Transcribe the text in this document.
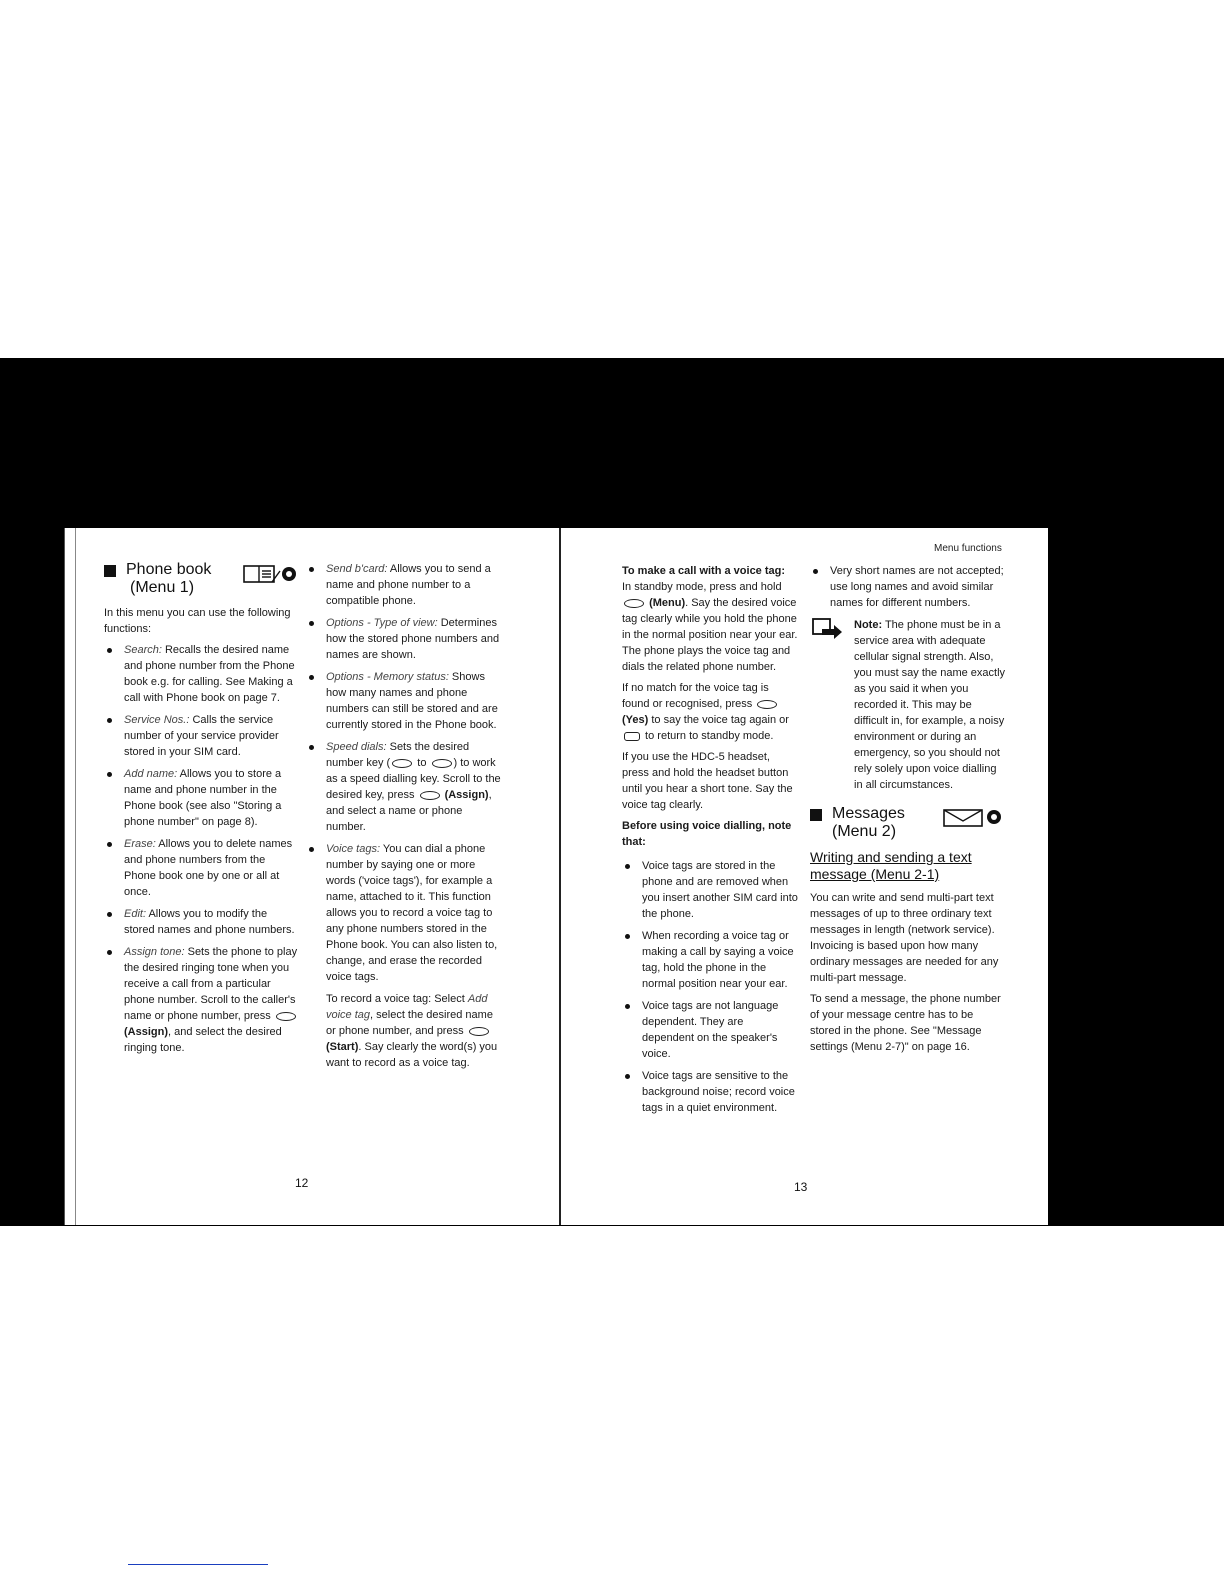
Phone book
(Menu 1)

In this menu you can use the following functions:

Search: Recalls the desired name and phone number from the Phone book e.g. for calling. See Making a call with Phone book on page 7.
Service Nos.: Calls the service number of your service provider stored in your SIM card.
Add name: Allows you to store a name and phone number in the Phone book (see also "Storing a phone number" on page 8).
Erase: Allows you to delete names and phone numbers from the Phone book one by one or all at once.
Edit: Allows you to modify the stored names and phone numbers.
Assign tone: Sets the phone to play the desired ringing tone when you receive a call from a particular phone number. Scroll to the caller's name or phone number, press  (Assign), and select the desired ringing tone.
Send b'card: Allows you to send a name and phone number to a compatible phone.
Options - Type of view: Determines how the stored phone numbers and names are shown.
Options - Memory status: Shows how many names and phone numbers can still be stored and are currently stored in the Phone book.
Speed dials: Sets the desired number key ( to ) to work as a speed dialling key. Scroll to the desired key, press  (Assign), and select a name or phone number.
Voice tags: You can dial a phone number by saying one or more words ('voice tags'), for example a name, attached to it. This function allows you to record a voice tag to any phone numbers stored in the Phone book. You can also listen to, change, and erase the recorded voice tags.
To record a voice tag: Select Add voice tag, select the desired name or phone number, and press  (Start). Say clearly the word(s) you want to record as a voice tag.
12
Menu functions

To make a call with a voice tag:

In standby mode, press and hold  (Menu). Say the desired voice tag clearly while you hold the phone in the normal position near your ear. The phone plays the voice tag and dials the related phone number.

If no match for the voice tag is found or recognised, press  (Yes) to say the voice tag again or  to return to standby mode.

If you use the HDC-5 headset, press and hold the headset button until you hear a short tone. Say the voice tag clearly.

Before using voice dialling, note that:

Voice tags are stored in the phone and are removed when you insert another SIM card into the phone.
When recording a voice tag or making a call by saying a voice tag, hold the phone in the normal position near your ear.
Voice tags are not language dependent. They are dependent on the speaker's voice.
Voice tags are sensitive to the background noise; record voice tags in a quiet environment.
Very short names are not accepted; use long names and avoid similar names for different numbers.
Note: The phone must be in a service area with adequate cellular signal strength. Also, you must say the name exactly as you said it when you recorded it. This may be difficult in, for example, a noisy environment or during an emergency, so you should not rely solely upon voice dialling in all circumstances.
Messages
(Menu 2)
Writing and sending a text message (Menu 2-1)

You can write and send multi-part text messages of up to three ordinary text messages in length (network service). Invoicing is based upon how many ordinary messages are needed for any multi-part message.

To send a message, the phone number of your message centre has to be stored in the phone. See "Message settings (Menu 2-7)" on page 16.

13
